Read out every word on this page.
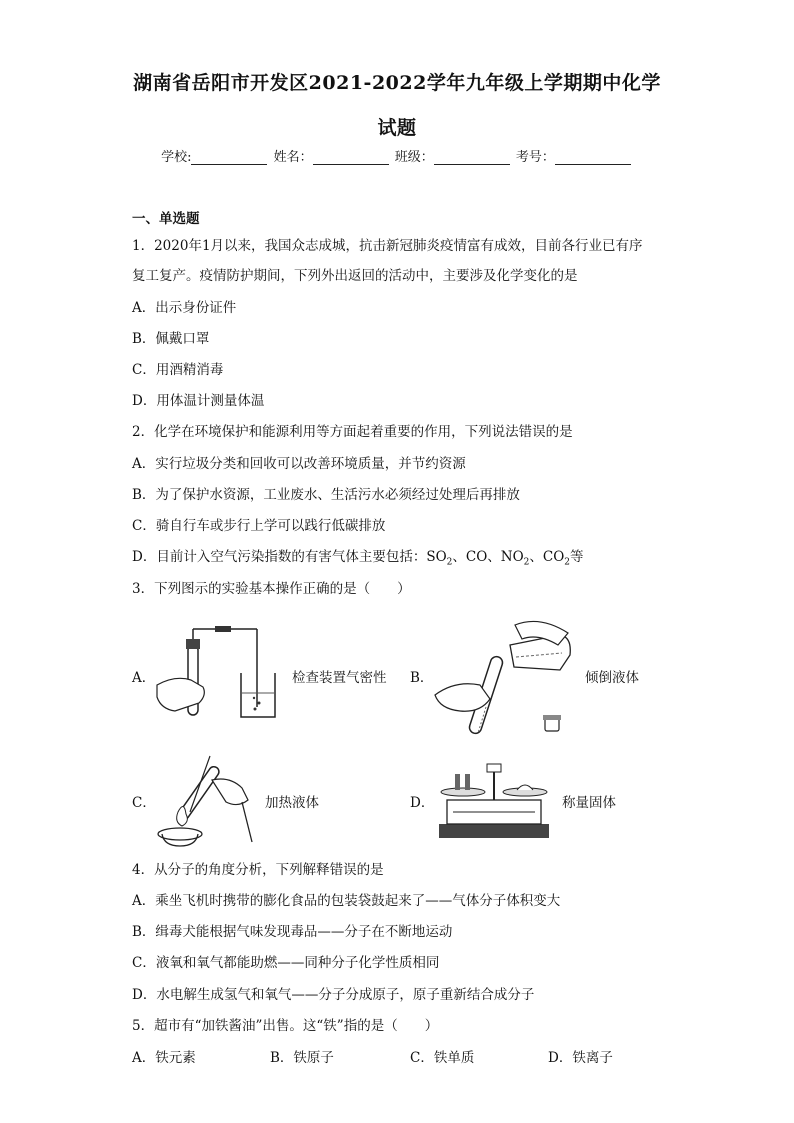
湖南省岳阳市开发区2021-2022学年九年级上学期期中化学
试题
学校:	姓名：	班级：	考号：
一、单选题
1．2020年1月以来，我国众志成城，抗击新冠肺炎疫情富有成效，目前各行业已有序
复工复产。疫情防护期间，下列外出返回的活动中，主要涉及化学变化的是
A．出示身份证件
B．佩戴口罩
C．用酒精消毒
D．用体温计测量体温
2．化学在环境保护和能源利用等方面起着重要的作用，下列说法错误的是
A．实行垃圾分类和回收可以改善环境质量，并节约资源
B．为了保护水资源，工业废水、生活污水必须经过处理后再排放
C．骑自行车或步行上学可以践行低碳排放
D．目前计入空气污染指数的有害气体主要包括：$SO_2$、CO、$NO_2$、$CO_2$等
3．下列图示的实验基本操作正确的是（　　）
A．	检查装置气密性 B．	倾倒液体
C．	加热液体	D．	称量固体
4．从分子的角度分析，下列解释错误的是
A．乘坐飞机时携带的膨化食品的包装袋鼓起来了——气体分子体积变大
B．缉毒犬能根据气味发现毒品——分子在不断地运动
C．液氧和氧气都能助燃——同种分子化学性质相同
D．水电解生成氢气和氧气——分子分成原子，原子重新结合成分子
5．超市有“加铁酱油”出售。这“铁”指的是（　　）
A．铁元素	B．铁原子	C．铁单质	D．铁离子
